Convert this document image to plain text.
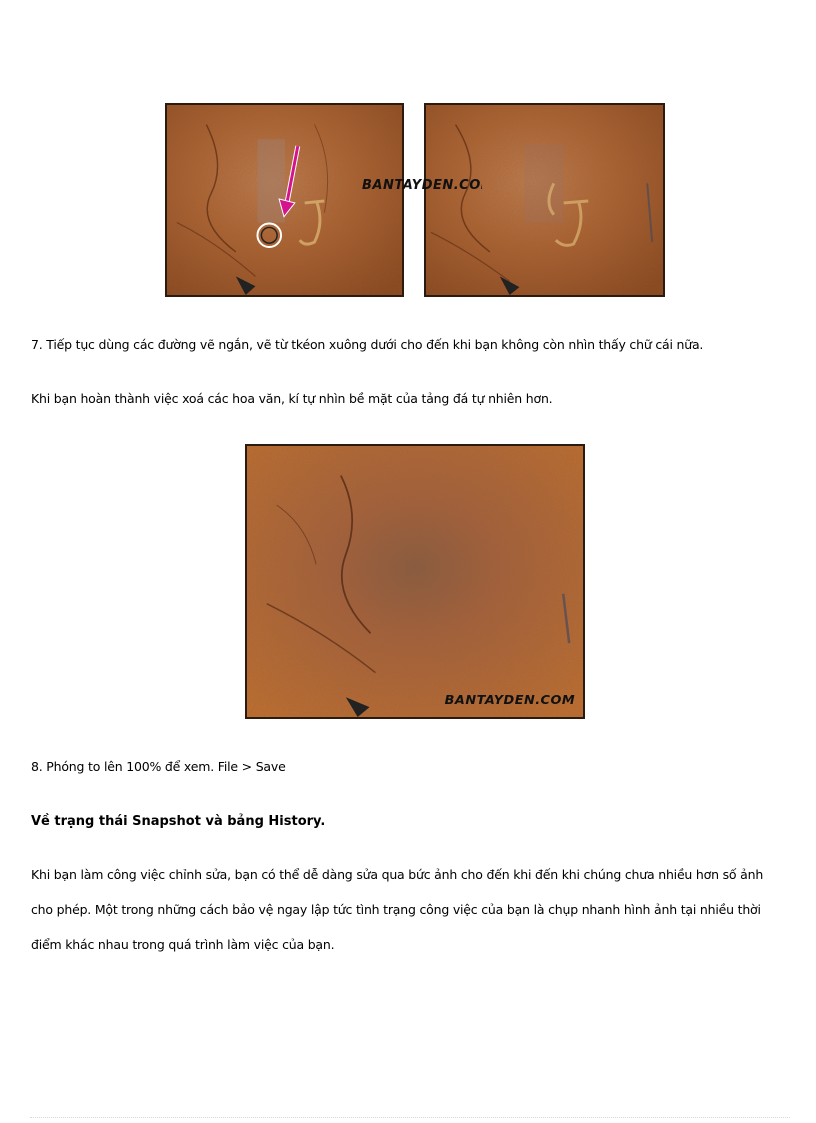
BANTAYDEN.COM

7. Tiếp tục dùng các đường vẽ ngắn, vẽ từ tkéon xuông dưới cho đến khi bạn không còn nhìn thấy chữ cái nữa.

Khi bạn hoàn thành việc xoá các hoa văn, kí tự nhìn bề mặt của tảng đá tự nhiên hơn.

BANTAYDEN.COM

8. Phóng to lên 100% để xem. File > Save

Về trạng thái Snapshot và bảng History.

Khi bạn làm công việc chỉnh sửa, bạn có thể dễ dàng sửa qua bức ảnh cho đến khi đến khi chúng chưa nhiều hơn số ảnh cho phép. Một trong những cách bảo vệ ngay lập tức tình trạng công việc của bạn là chụp nhanh hình ảnh tại nhiều thời điểm khác nhau trong quá trình làm việc của bạn.
